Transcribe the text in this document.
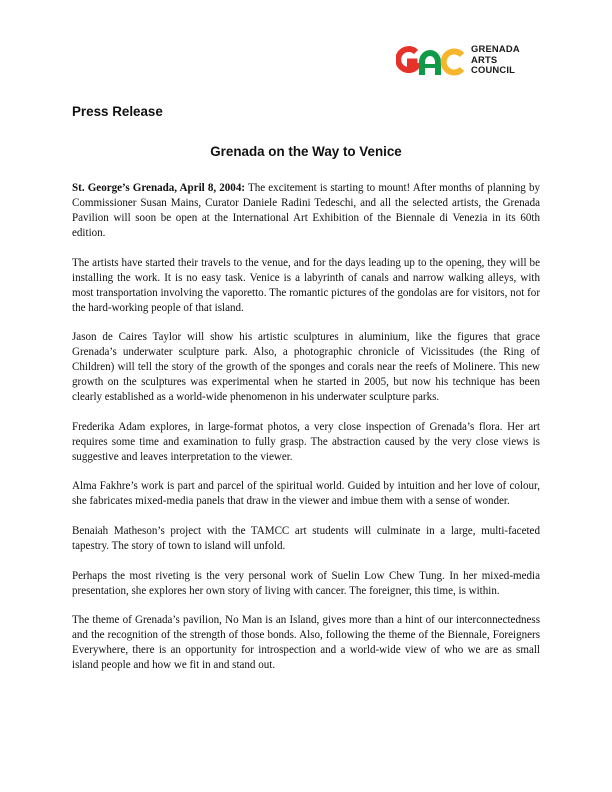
GRENADA
ARTS
COUNCIL
Press Release
Grenada on the Way to Venice

St. George’s Grenada, April 8, 2004: The excitement is starting to mount! After months of planning by Commissioner Susan Mains, Curator Daniele Radini Tedeschi, and all the selected artists, the Grenada Pavilion will soon be open at the International Art Exhibition of the Biennale di Venezia in its 60th edition.

The artists have started their travels to the venue, and for the days leading up to the opening, they will be installing the work. It is no easy task. Venice is a labyrinth of canals and narrow walking alleys, with most transportation involving the vaporetto. The romantic pictures of the gondolas are for visitors, not for the hard-working people of that island.

Jason de Caires Taylor will show his artistic sculptures in aluminium, like the figures that grace Grenada’s underwater sculpture park. Also, a photographic chronicle of Vicissitudes (the Ring of Children) will tell the story of the growth of the sponges and corals near the reefs of Molinere. This new growth on the sculptures was experimental when he started in 2005, but now his technique has been clearly established as a world-wide phenomenon in his underwater sculpture parks.

Frederika Adam explores, in large-format photos, a very close inspection of Grenada’s flora. Her art requires some time and examination to fully grasp. The abstraction caused by the very close views is suggestive and leaves interpretation to the viewer.

Alma Fakhre’s work is part and parcel of the spiritual world. Guided by intuition and her love of colour, she fabricates mixed-media panels that draw in the viewer and imbue them with a sense of wonder.

Benaiah Matheson’s project with the TAMCC art students will culminate in a large, multi-faceted tapestry. The story of town to island will unfold.

Perhaps the most riveting is the very personal work of Suelin Low Chew Tung. In her mixed-media presentation, she explores her own story of living with cancer. The foreigner, this time, is within.

The theme of Grenada’s pavilion, No Man is an Island, gives more than a hint of our interconnectedness and the recognition of the strength of those bonds. Also, following the theme of the Biennale, Foreigners Everywhere, there is an opportunity for introspection and a world-wide view of who we are as small island people and how we fit in and stand out.
